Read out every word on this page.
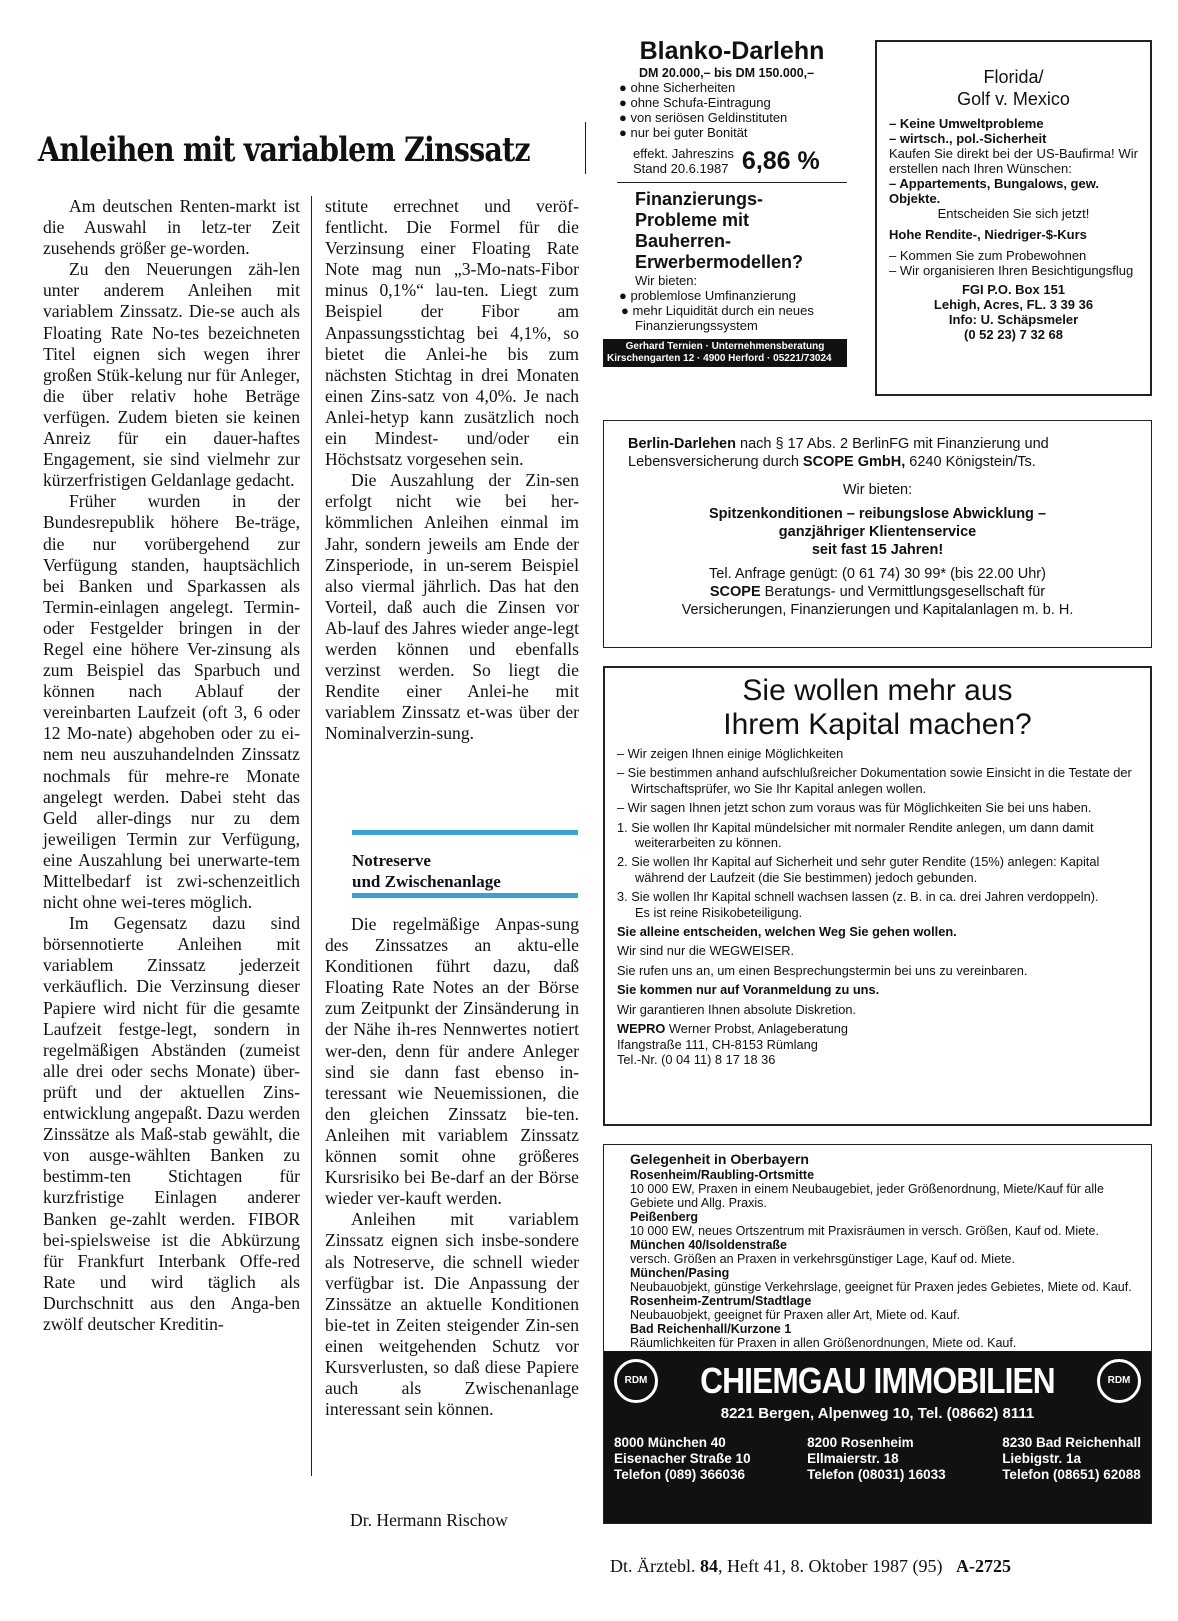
Anleihen mit variablem Zinssatz

Am deutschen Renten-markt ist die Auswahl in letz-ter Zeit zusehends größer ge-worden.

Zu den Neuerungen zäh-len unter anderem Anleihen mit variablem Zinssatz. Die-se auch als Floating Rate No-tes bezeichneten Titel eignen sich wegen ihrer großen Stük-kelung nur für Anleger, die über relativ hohe Beträge verfügen. Zudem bieten sie keinen Anreiz für ein dauer-haftes Engagement, sie sind vielmehr zur kürzerfristigen Geldanlage gedacht.

Früher wurden in der Bundesrepublik höhere Be-träge, die nur vorübergehend zur Verfügung standen, hauptsächlich bei Banken und Sparkassen als Termin-einlagen angelegt. Termin-oder Festgelder bringen in der Regel eine höhere Ver-zinsung als zum Beispiel das Sparbuch und können nach Ablauf der vereinbarten Laufzeit (oft 3, 6 oder 12 Mo-nate) abgehoben oder zu ei-nem neu auszuhandelnden Zinssatz nochmals für mehre-re Monate angelegt werden. Dabei steht das Geld aller-dings nur zu dem jeweiligen Termin zur Verfügung, eine Auszahlung bei unerwarte-tem Mittelbedarf ist zwi-schenzeitlich nicht ohne wei-teres möglich.

Im Gegensatz dazu sind börsennotierte Anleihen mit variablem Zinssatz jederzeit verkäuflich. Die Verzinsung dieser Papiere wird nicht für die gesamte Laufzeit festge-legt, sondern in regelmäßigen Abständen (zumeist alle drei oder sechs Monate) über-prüft und der aktuellen Zins-entwicklung angepaßt. Dazu werden Zinssätze als Maß-stab gewählt, die von ausge-wählten Banken zu bestimm-ten Stichtagen für kurzfristige Einlagen anderer Banken ge-zahlt werden. FIBOR bei-spielsweise ist die Abkürzung für Frankfurt Interbank Offe-red Rate und wird täglich als Durchschnitt aus den Anga-ben zwölf deutscher Kreditin-

stitute errechnet und veröf-fentlicht. Die Formel für die Verzinsung einer Floating Rate Note mag nun „3-Mo-nats-Fibor minus 0,1%“ lau-ten. Liegt zum Beispiel der Fibor am Anpassungsstichtag bei 4,1%, so bietet die Anlei-he bis zum nächsten Stichtag in drei Monaten einen Zins-satz von 4,0%. Je nach Anlei-hetyp kann zusätzlich noch ein Mindest- und/oder ein Höchstsatz vorgesehen sein.

Die Auszahlung der Zin-sen erfolgt nicht wie bei her-kömmlichen Anleihen einmal im Jahr, sondern jeweils am Ende der Zinsperiode, in un-serem Beispiel also viermal jährlich. Das hat den Vorteil, daß auch die Zinsen vor Ab-lauf des Jahres wieder ange-legt werden können und ebenfalls verzinst werden. So liegt die Rendite einer Anlei-he mit variablem Zinssatz et-was über der Nominalverzin-sung.

Notreserve
und Zwischenanlage

Die regelmäßige Anpas-sung des Zinssatzes an aktu-elle Konditionen führt dazu, daß Floating Rate Notes an der Börse zum Zeitpunkt der Zinsänderung in der Nähe ih-res Nennwertes notiert wer-den, denn für andere Anleger sind sie dann fast ebenso in-teressant wie Neuemissionen, die den gleichen Zinssatz bie-ten. Anleihen mit variablem Zinssatz können somit ohne größeres Kursrisiko bei Be-darf an der Börse wieder ver-kauft werden.

Anleihen mit variablem Zinssatz eignen sich insbe-sondere als Notreserve, die schnell wieder verfügbar ist. Die Anpassung der Zinssätze an aktuelle Konditionen bie-tet in Zeiten steigender Zin-sen einen weitgehenden Schutz vor Kursverlusten, so daß diese Papiere auch als Zwischenanlage interessant sein können.

Dr. Hermann Rischow
Blanko-Darlehn
DM 20.000,– bis DM 150.000,–
● ohne Sicherheiten
● ohne Schufa-Eintragung
● von seriösen Geldinstituten
● nur bei guter Bonität
effekt. Jahreszins
Stand 20.6.1987 6,86 %
Finanzierungs-
Probleme mit
Bauherren-
Erwerbermodellen?
Wir bieten:
● problemlose Umfinanzierung
● mehr Liquidität durch ein neues Finanzierungssystem
Gerhard Ternien · Unternehmensberatung
Kirschengarten 12 · 4900 Herford · 05221/73024
Florida/
Golf v. Mexico
– Keine Umweltprobleme
– wirtsch., pol.-Sicherheit
Kaufen Sie direkt bei der US-Baufirma! Wir erstellen nach Ihren Wünschen:
– Appartements, Bungalows, gew. Objekte.
Entscheiden Sie sich jetzt!
Hohe Rendite-, Niedriger-$-Kurs
– Kommen Sie zum Probewohnen
– Wir organisieren Ihren Besichtigungsflug
FGI P.O. Box 151
Lehigh, Acres, FL. 3 39 36
Info: U. Schäpsmeler
(0 52 23) 7 32 68
Berlin-Darlehen nach § 17 Abs. 2 BerlinFG mit Finanzierung und Lebensversicherung durch SCOPE GmbH, 6240 Königstein/Ts.
Wir bieten:
Spitzenkonditionen – reibungslose Abwicklung –
ganzjähriger Klientenservice
seit fast 15 Jahren!
Tel. Anfrage genügt: (0 61 74) 30 99* (bis 22.00 Uhr)
SCOPE Beratungs- und Vermittlungsgesellschaft für
Versicherungen, Finanzierungen und Kapitalanlagen m. b. H.
Sie wollen mehr aus
Ihrem Kapital machen?
– Wir zeigen Ihnen einige Möglichkeiten
– Sie bestimmen anhand aufschlußreicher Dokumentation sowie Einsicht in die Testate der Wirtschaftsprüfer, wo Sie Ihr Kapital anlegen wollen.
– Wir sagen Ihnen jetzt schon zum voraus was für Möglichkeiten Sie bei uns haben.
1. Sie wollen Ihr Kapital mündelsicher mit normaler Rendite anlegen, um dann damit weiterarbeiten zu können.
2. Sie wollen Ihr Kapital auf Sicherheit und sehr guter Rendite (15%) anlegen: Kapital während der Laufzeit (die Sie bestimmen) jedoch gebunden.
3. Sie wollen Ihr Kapital schnell wachsen lassen (z. B. in ca. drei Jahren verdoppeln).
Es ist reine Risikobeteiligung.
Sie alleine entscheiden, welchen Weg Sie gehen wollen.
Wir sind nur die WEGWEISER.
Sie rufen uns an, um einen Besprechungstermin bei uns zu vereinbaren.
Sie kommen nur auf Voranmeldung zu uns.
Wir garantieren Ihnen absolute Diskretion.
WEPRO Werner Probst, Anlageberatung
Ifangstraße 111, CH-8153 Rümlang
Tel.-Nr. (0 04 11) 8 17 18 36
Gelegenheit in Oberbayern
Rosenheim/Raubling-Ortsmitte
10 000 EW, Praxen in einem Neubaugebiet, jeder Größenordnung, Miete/Kauf für alle Gebiete und Allg. Praxis.
Peißenberg
10 000 EW, neues Ortszentrum mit Praxisräumen in versch. Größen, Kauf od. Miete.
München 40/Isoldenstraße
versch. Größen an Praxen in verkehrsgünstiger Lage, Kauf od. Miete.
München/Pasing
Neubauobjekt, günstige Verkehrslage, geeignet für Praxen jedes Gebietes, Miete od. Kauf.
Rosenheim-Zentrum/Stadtlage
Neubauobjekt, geeignet für Praxen aller Art, Miete od. Kauf.
Bad Reichenhall/Kurzone 1
Räumlichkeiten für Praxen in allen Größenordnungen, Miete od. Kauf.
RDM CHIEMGAU IMMOBILIEN	RDM
8221 Bergen, Alpenweg 10, Tel. (08662) 8111
8000 München 40
Eisenacher Straße 10
Telefon (089) 366036
8200 Rosenheim
Ellmaierstr. 18
Telefon (08031) 16033
8230 Bad Reichenhall
Liebigstr. 1a
Telefon (08651) 62088
Dt. Ärztebl. 84, Heft 41, 8. Oktober 1987 (95) A-2725
